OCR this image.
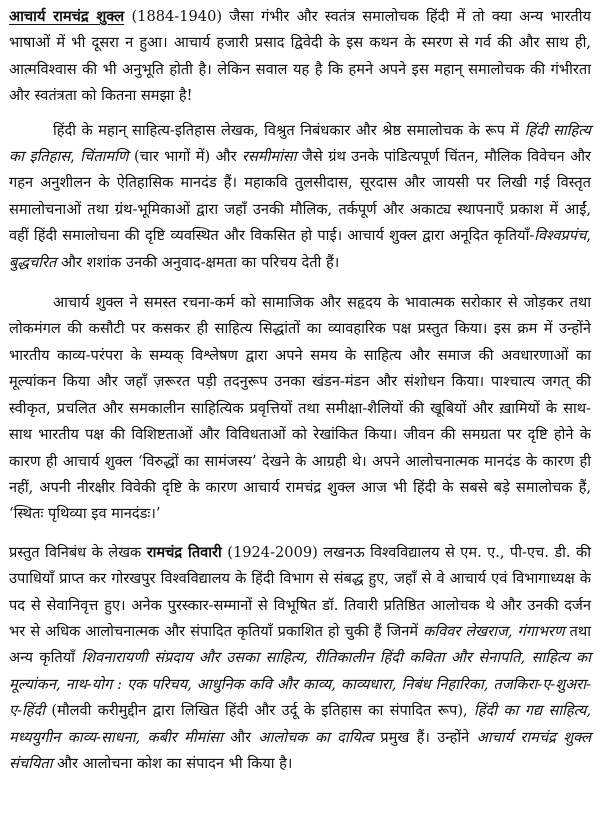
आचार्य रामचंद्र शुक्ल (1884-1940) जैसा गंभीर और स्वतंत्र समालोचक हिंदी में तो क्या अन्य भारतीय भाषाओं में भी दूसरा न हुआ। आचार्य हजारी प्रसाद द्विवेदी के इस कथन के स्मरण से गर्व की और साथ ही, आत्मविश्वास की भी अनुभूति होती है। लेकिन सवाल यह है कि हमने अपने इस महान् समालोचक की गंभीरता और स्वतंत्रता को कितना समझा है!

हिंदी के महान् साहित्य-इतिहास लेखक, विश्रुत निबंधकार और श्रेष्ठ समालोचक के रूप में हिंदी साहित्य का इतिहास, चिंतामणि (चार भागों में) और रसमीमांसा जैसे ग्रंथ उनके पांडित्यपूर्ण चिंतन, मौलिक विवेचन और गहन अनुशीलन के ऐतिहासिक मानदंड हैं। महाकवि तुलसीदास, सूरदास और जायसी पर लिखी गई विस्तृत समालोचनाओं तथा ग्रंथ-भूमिकाओं द्वारा जहाँ उनकी मौलिक, तर्कपूर्ण और अकाट्य स्थापनाएँ प्रकाश में आईं, वहीं हिंदी समालोचना की दृष्टि व्यवस्थित और विकसित हो पाई। आचार्य शुक्ल द्वारा अनूदित कृतियाँ-विश्वप्रपंच, बुद्धचरित और शशांक उनकी अनुवाद-क्षमता का परिचय देती हैं।

आचार्य शुक्ल ने समस्त रचना-कर्म को सामाजिक और सहृदय के भावात्मक सरोकार से जोड़कर तथा लोकमंगल की कसौटी पर कसकर ही साहित्य सिद्धांतों का व्यावहारिक पक्ष प्रस्तुत किया। इस क्रम में उन्होंने भारतीय काव्य-परंपरा के सम्यक् विश्लेषण द्वारा अपने समय के साहित्य और समाज की अवधारणाओं का मूल्यांकन किया और जहाँ ज़रूरत पड़ी तदनुरूप उनका खंडन-मंडन और संशोधन किया। पाश्चात्य जगत् की स्वीकृत, प्रचलित और समकालीन साहित्यिक प्रवृत्तियों तथा समीक्षा-शैलियों की खूबियों और ख़ामियों के साथ-साथ भारतीय पक्ष की विशिष्टताओं और विविधताओं को रेखांकित किया। जीवन की समग्रता पर दृष्टि होने के कारण ही आचार्य शुक्ल ‘विरुद्धों का सामंजस्य’ देखने के आग्रही थे। अपने आलोचनात्मक मानदंड के कारण ही नहीं, अपनी नीरक्षीर विवेकी दृष्टि के कारण आचार्य रामचंद्र शुक्ल आज भी हिंदी के सबसे बड़े समालोचक हैं, ‘स्थितः पृथिव्या इव मानदंडः।’

प्रस्तुत विनिबंध के लेखक रामचंद्र तिवारी (1924-2009) लखनऊ विश्वविद्यालय से एम. ए., पी-एच. डी. की उपाधियाँ प्राप्त कर गोरखपुर विश्वविद्यालय के हिंदी विभाग से संबद्ध हुए, जहाँ से वे आचार्य एवं विभागाध्यक्ष के पद से सेवानिवृत्त हुए। अनेक पुरस्कार-सम्मानों से विभूषित डॉ. तिवारी प्रतिष्ठित आलोचक थे और उनकी दर्जन भर से अधिक आलोचनात्मक और संपादित कृतियाँ प्रकाशित हो चुकी हैं जिनमें कविवर लेखराज, गंगाभरण तथा अन्य कृतियाँ शिवनारायणी संप्रदाय और उसका साहित्य, रीतिकालीन हिंदी कविता और सेनापति, साहित्य का मूल्यांकन, नाथ-योग : एक परिचय, आधुनिक कवि और काव्य, काव्यधारा, निबंध निहारिका, तजकिरा-ए-शुअरा-ए-हिंदी (मौलवी करीमुद्दीन द्वारा लिखित हिंदी और उर्दू के इतिहास का संपादित रूप), हिंदी का गद्य साहित्य, मध्ययुगीन काव्य-साधना, कबीर मीमांसा और आलोचक का दायित्व प्रमुख हैं। उन्होंने आचार्य रामचंद्र शुक्ल संचयिता और आलोचना कोश का संपादन भी किया है।
